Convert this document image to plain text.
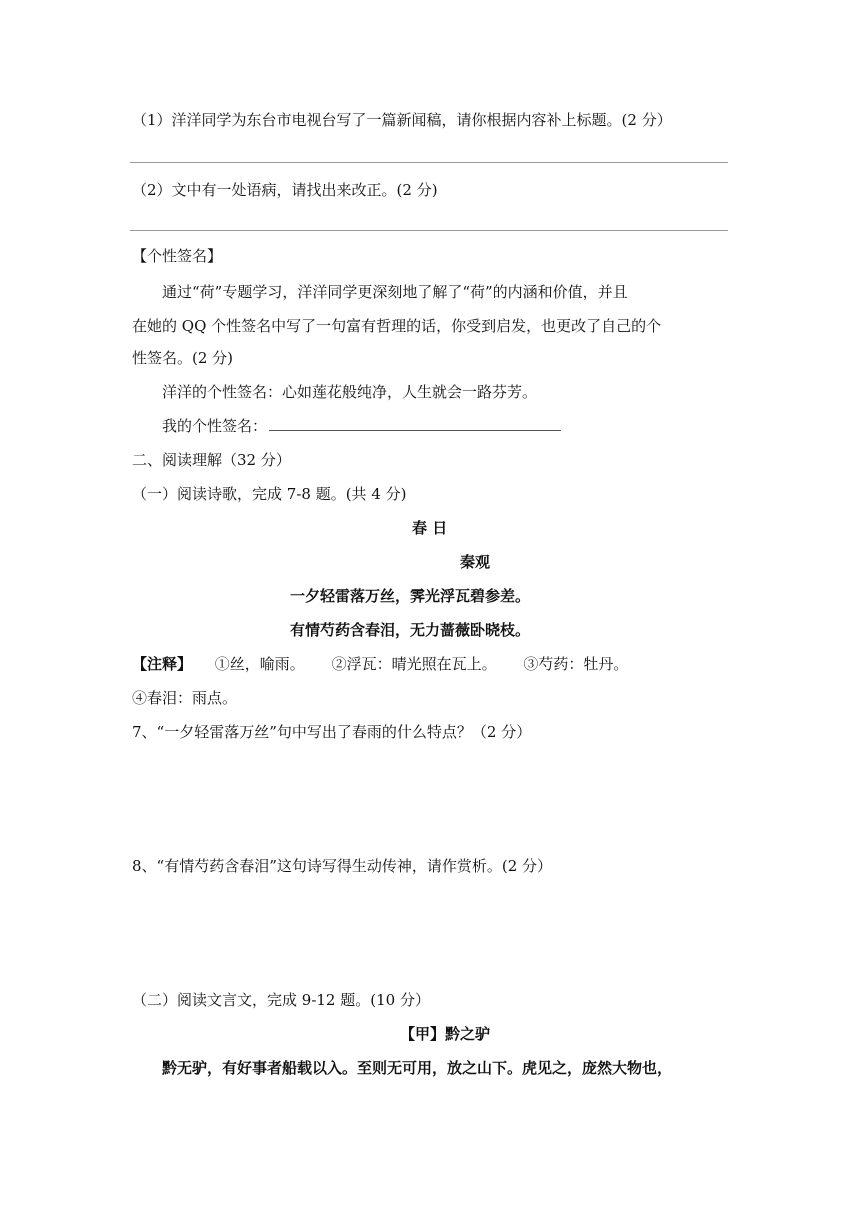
（1）洋洋同学为东台市电视台写了一篇新闻稿，请你根据内容补上标题。(2 分）
（2）文中有一处语病，请找出来改正。(2 分)
【个性签名】
通过“荷”专题学习，洋洋同学更深刻地了解了“荷”的内涵和价值，并且
在她的 QQ 个性签名中写了一句富有哲理的话，你受到启发，也更改了自己的个
性签名。(2 分)
洋洋的个性签名：心如莲花般纯净，人生就会一路芬芳。
我的个性签名：
二、阅读理解（32 分）
（一）阅读诗歌，完成 7-8 题。(共 4 分)
春 日
秦观
一夕轻雷落万丝，霁光浮瓦碧参差。
有情芍药含春泪，无力蔷薇卧晓枝。
【注释】 ①丝，喻雨。 ②浮瓦：晴光照在瓦上。 ③芍药：牡丹。
④春泪：雨点。
7、“一夕轻雷落万丝”句中写出了春雨的什么特点？（2 分）
8、“有情芍药含春泪”这句诗写得生动传神，请作赏析。(2 分）
（二）阅读文言文，完成 9-12 题。(10 分）
【甲】黔之驴
黔无驴，有好事者船载以入。至则无可用，放之山下。虎见之，庞然大物也，
